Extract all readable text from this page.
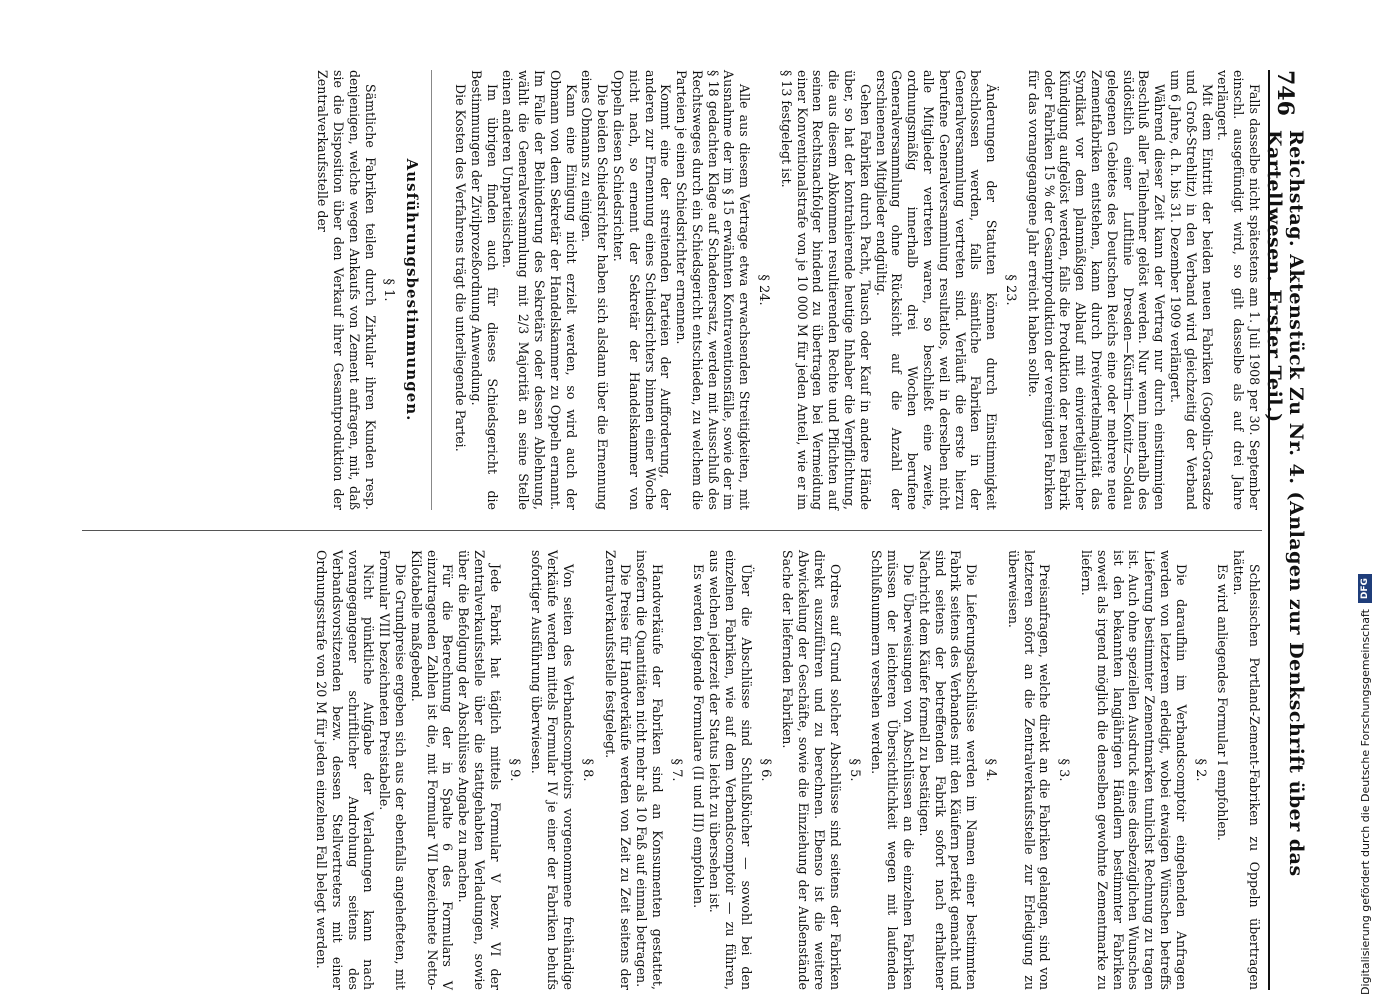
746
Reichstag. Aktenstück Zu Nr. 4. (Anlagen zur Denkschrift über das Kartellwesen. Erster Teil.)

Falls dasselbe nicht spätestens am 1. Juli 1908 per 30. September einschl. ausgefündigt wird, so gilt dasselbe als auf drei Jahre verlängert.

Mit dem Eintritt der beiden neuen Fabriken (Gogolin-Gorasdze und Groß-Strehlitz) in den Verband wird gleichzeitig der Verband um 6 Jahre, d. h. bis 31. Dezember 1909 verlängert.

Während dieser Zeit kann der Vertrag nur durch einstimmigen Beschluß aller Teilnehmer gelöst werden. Nur wenn innerhalb des südöstlich einer Luftlinie Dresden—Küstrin—Konitz—Soldau gelegenen Gebietes des Deutschen Reichs eine oder mehrere neue Zementfabriken entstehen, kann durch Dreiviertelmajorität das Syndikat vor dem planmäßigen Ablauf mit einvierteljährlicher Kündigung aufgelöst werden, falls die Produktion der neuen Fabrik oder Fabriken 15 % der Gesamtproduktion der vereinigten Fabriken für das vorangegangene Jahr erreicht haben sollte.

§ 23.

Änderungen der Statuten können durch Einstimmigkeit beschlossen werden, falls sämtliche Fabriken in der Generalversammlung vertreten sind. Verläuft die erste hierzu berufene Generalversammlung resultatlos, weil in derselben nicht alle Mitglieder vertreten waren, so beschließt eine zweite, ordnungsmäßig innerhalb drei Wochen berufene Generalversammlung ohne Rücksicht auf die Anzahl der erschienenen Mitglieder endgültig.

Gehen Fabriken durch Pacht, Tausch oder Kauf in andere Hände über, so hat der kontrahierende heutige Inhaber die Verpflichtung, die aus diesem Abkommen resultierenden Rechte und Pflichten auf seinen Rechtsnachfolger bindend zu übertragen bei Vermeidung einer Konventionalstrafe von je 10 000 M für jeden Anteil, wie er im § 13 festgelegt ist.

§ 24.

Alle aus diesem Vertrage etwa erwachsenden Streitigkeiten, mit Ausnahme der im § 15 erwähnten Kontraventionsfälle, sowie der im § 18 gedachten Klage auf Schadenersatz, werden mit Ausschluß des Rechtsweges durch ein Schiedsgericht entschieden, zu welchem die Parteien je einen Schiedsrichter ernennen.

Kommt eine der streitenden Parteien der Aufforderung, der anderen zur Ernennung eines Schiedsrichters binnen einer Woche nicht nach, so ernennt der Sekretär der Handelskammer von Oppeln diesen Schiedsrichter.

Die beiden Schiedsrichter haben sich alsdann über die Ernennung eines Obmanns zu einigen.

Kann eine Einigung nicht erzielt werden, so wird auch der Obmann von dem Sekretär der Handelskammer zu Oppeln ernannt. Im Falle der Behinderung des Sekretärs oder dessen Ablehnung, wählt die Generalversammlung mit 2/3 Majorität an seine Stelle einen anderen Unparteiischen.

Im übrigen finden auch für dieses Schiedsgericht die Bestimmungen der Zivilprozeßordnung Anwendung.

Die Kosten des Verfahrens trägt die unterliegende Partei.

Ausführungsbestimmungen.

§ 1.

Sämtliche Fabriken teilen durch Zirkular ihren Kunden resp. denjenigen, welche wegen Ankaufs von Zement anfragen, mit, daß sie die Disposition über den Verkauf ihrer Gesamtproduktion der Zentralverkaufsstelle der

Schlesischen Portland-Zement-Fabriken zu Oppeln übertragen hätten.

Es wird anliegendes Formular I empfohlen.

§ 2.

Die daraufhin im Verbandscomptoir eingehenden Anfragen werden von letzterem erledigt, wobei etwaigen Wünschen betreffs Lieferung bestimmter Zementmarken tunlichst Rechnung zu tragen ist. Auch ohne speziellen Ausdruck eines diesbezüglichen Wunsches ist den bekannten langjährigen Händlern bestimmter Fabriken soweit als irgend möglich die denselben gewohnte Zementmarke zu liefern.

§ 3.

Preisanfragen, welche direkt an die Fabriken gelangen, sind von letzteren sofort an die Zentralverkaufsstelle zur Erledigung zu überweisen.

§ 4.

Die Lieferungsabschlüsse werden im Namen einer bestimmten Fabrik seitens des Verbandes mit den Käufern perfekt gemacht und sind seitens der betreffenden Fabrik sofort nach erhaltener Nachricht dem Käufer formell zu bestätigen.

Die Überweisungen von Abschlüssen an die einzelnen Fabriken müssen der leichteren Übersichtlichkeit wegen mit laufenden Schlußnummern versehen werden.

§ 5.

Ordres auf Grund solcher Abschlüsse sind seitens der Fabriken direkt auszuführen und zu berechnen. Ebenso ist die weitere Abwickelung der Geschäfte, sowie die Einziehung der Außenstände Sache der liefernden Fabriken.

§ 6.

Über die Abschlüsse sind Schlußbücher — sowohl bei den einzelnen Fabriken, wie auf dem Verbandscomptoir — zu führen, aus welchen jederzeit der Status leicht zu übersehen ist.

Es werden folgende Formulare (II und III) empfohlen.

§ 7.

Handverkäufe der Fabriken sind an Konsumenten gestattet, insofern die Quantitäten nicht mehr als 10 Faß auf einmal betragen.

Die Preise für Handverkäufe werden von Zeit zu Zeit seitens der Zentralverkaufsstelle festgelegt.

§ 8.

Von seiten des Verbandscomptoirs vorgenommene freihändige Verkäufe werden mittels Formular IV je einer der Fabriken behufs sofortiger Ausführung überwiesen.

§ 9.

Jede Fabrik hat täglich mittels Formular V bezw. VI der Zentralverkaufsstelle über die stattgehabten Verladungen, sowie über die Befolgung der Abschlüsse Angabe zu machen.

Für die Berechnung der in Spalte 6 des Formulars V einzutragenden Zahlen ist die, mit Formular VII bezeichnete Netto-Kilotabelle maßgebend.

Die Grundpreise ergeben sich aus der ebenfalls angehefteten, mit Formular VIII bezeichneten Preistabelle.

Nicht pünktliche Aufgabe der Verladungen kann nach vorangegangener schriftlicher Androhung seitens des Verbandsvorsitzenden bezw. dessen Stellvertreters mit einer Ordnungsstrafe von 20 M für jeden einzelnen Fall belegt werden.	Digitalisierung gefördert durch die Deutsche Forschungsgemeinschaft
DFG
